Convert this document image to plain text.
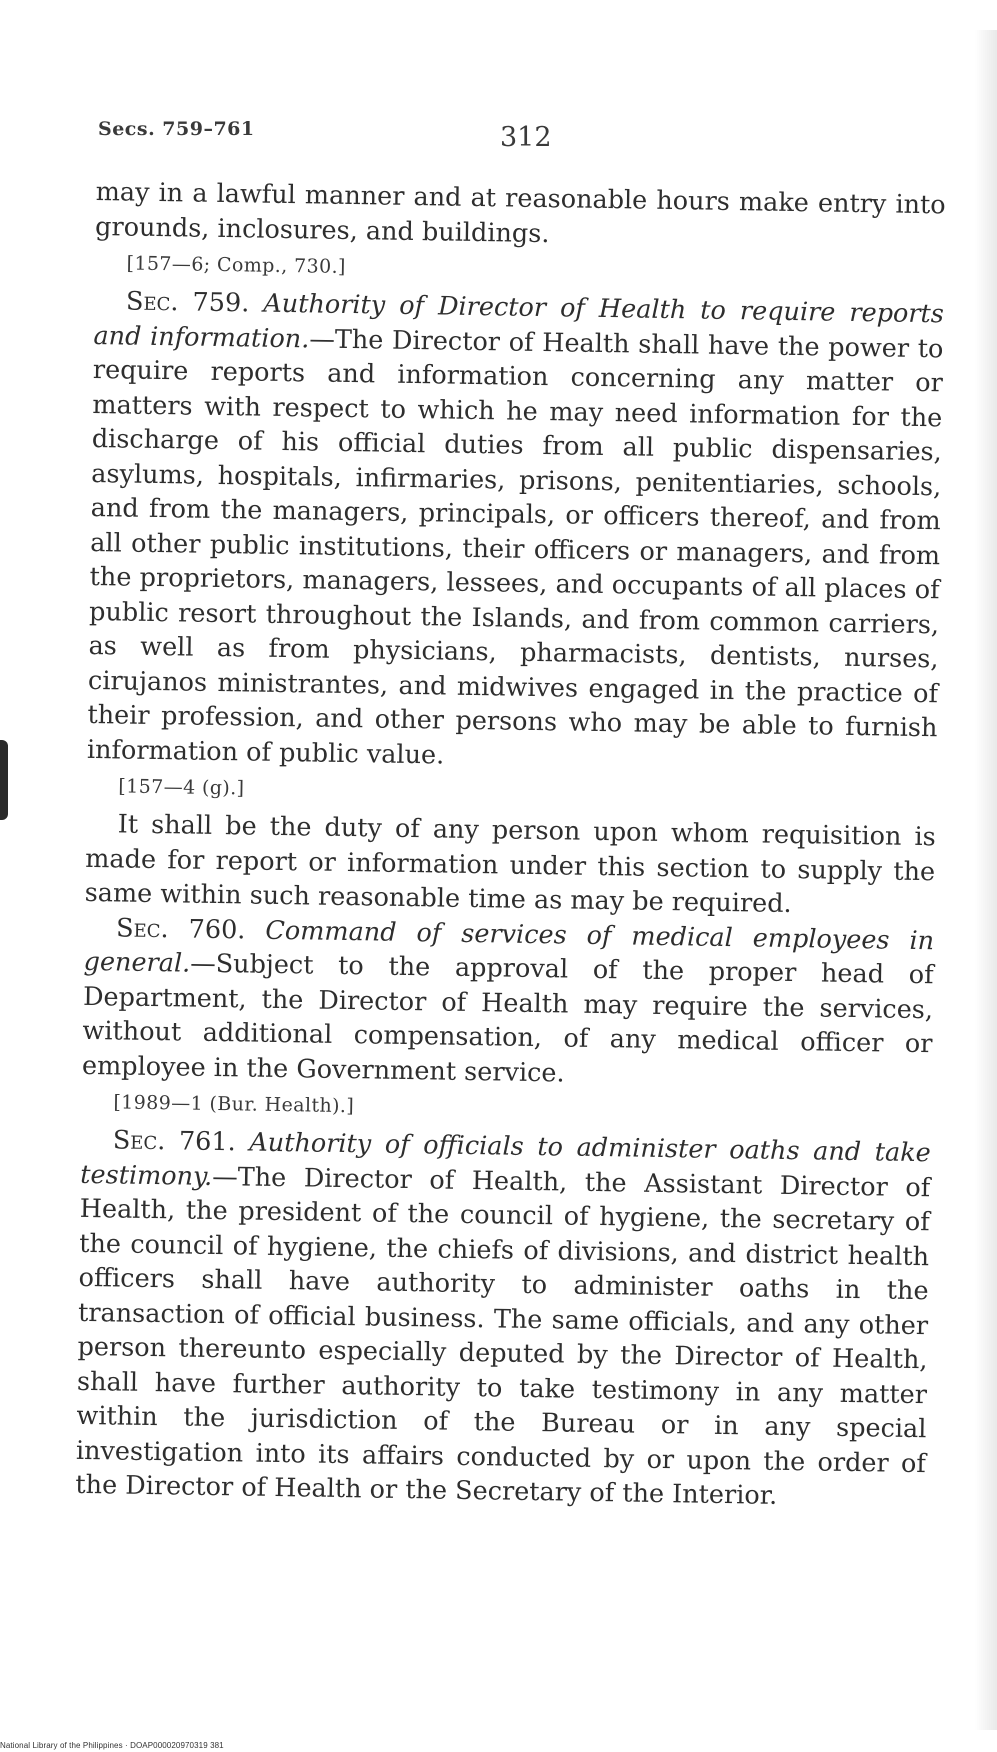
Secs. 759–761	312

may in a lawful manner and at reasonable hours make entry into grounds, inclosures, and buildings.

[157—6; Comp., 730.]

Sec. 759. Authority of Director of Health to require reports and information.—The Director of Health shall have the power to require reports and information concerning any matter or matters with respect to which he may need information for the discharge of his official duties from all public dispensaries, asylums, hospitals, infirmaries, prisons, penitentiaries, schools, and from the managers, principals, or officers thereof, and from all other public institutions, their officers or managers, and from the proprietors, managers, lessees, and occupants of all places of public resort throughout the Islands, and from common carriers, as well as from physicians, pharmacists, dentists, nurses, cirujanos ministrantes, and midwives engaged in the practice of their profession, and other persons who may be able to furnish information of public value.

[157—4 (g).]

It shall be the duty of any person upon whom requisition is made for report or information under this section to supply the same within such reasonable time as may be required.

Sec. 760. Command of services of medical employees in general.—Subject to the approval of the proper head of Department, the Director of Health may require the services, without additional compensation, of any medical officer or employee in the Government service.

[1989—1 (Bur. Health).]

Sec. 761. Authority of officials to administer oaths and take testimony.—The Director of Health, the Assistant Director of Health, the president of the council of hygiene, the secretary of the council of hygiene, the chiefs of divisions, and district health officers shall have authority to administer oaths in the transaction of official business. The same officials, and any other person thereunto especially deputed by the Director of Health, shall have further authority to take testimony in any matter within the jurisdiction of the Bureau or in any special investigation into its affairs conducted by or upon the order of the Director of Health or the Secretary of the Interior.

National Library of the Philippines · DOAP000020970319 381
